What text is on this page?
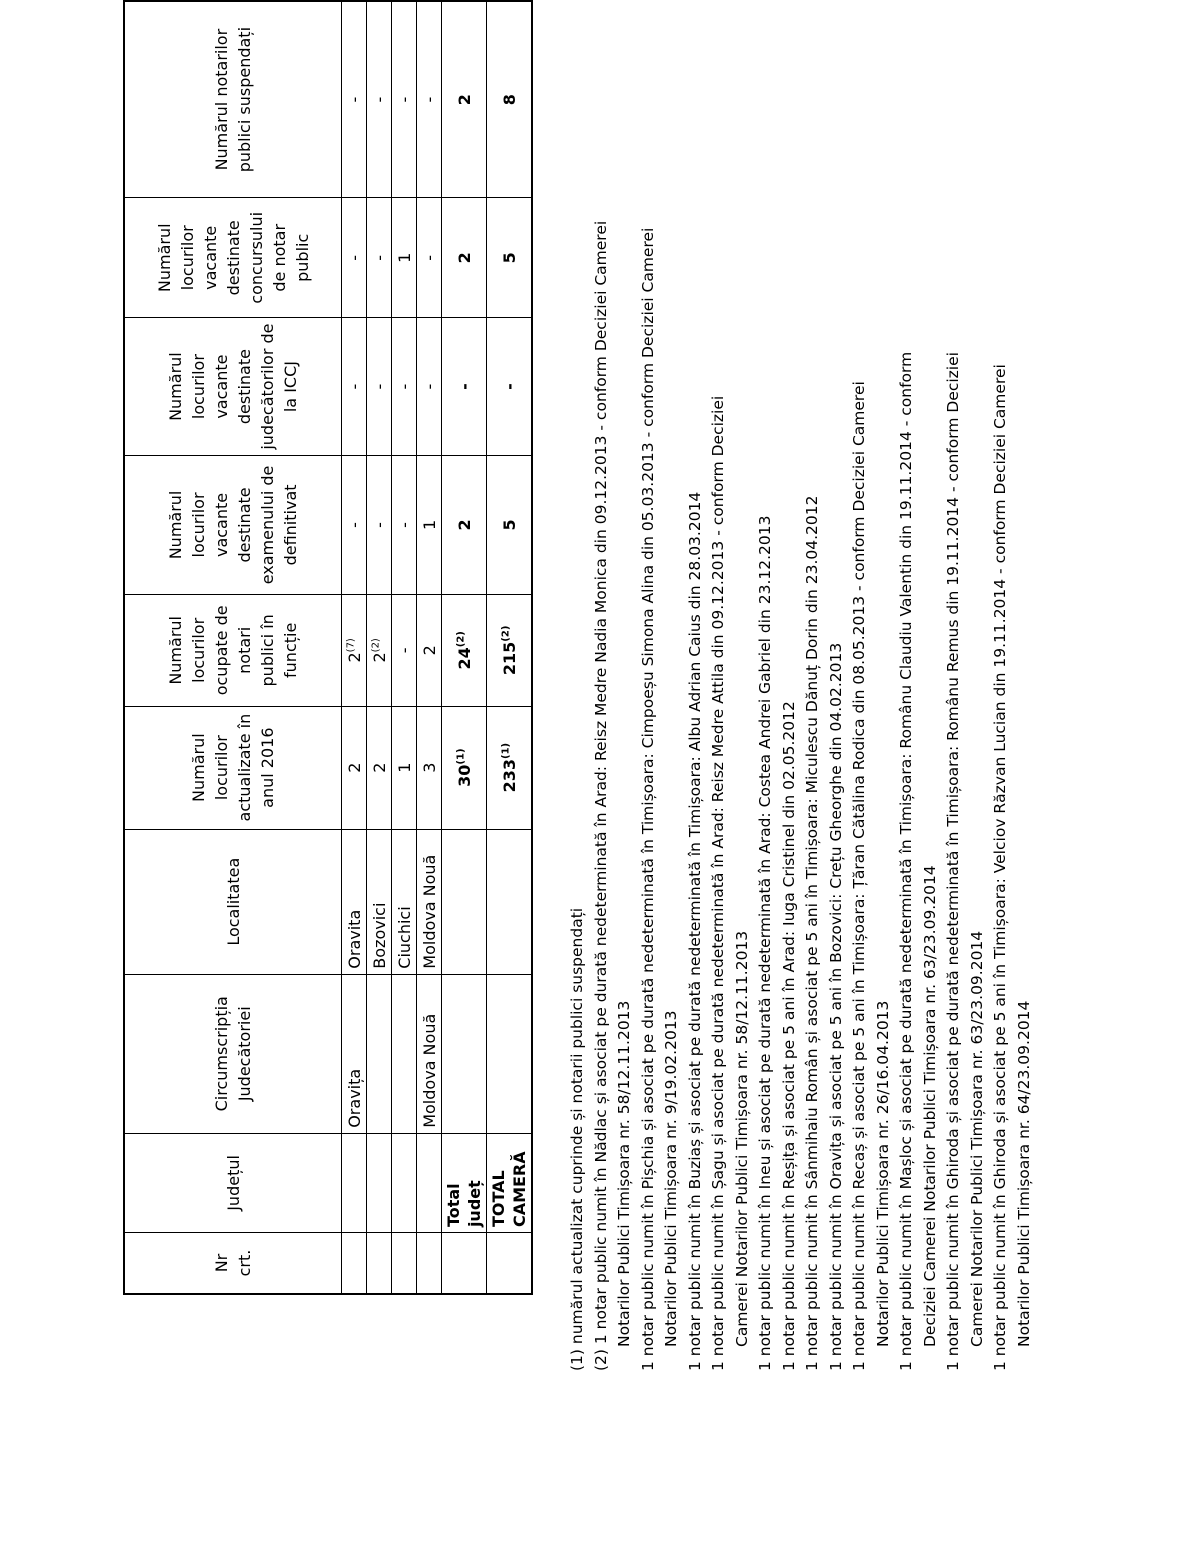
Nr crt.	Județul	Circumscripția Judecătoriei	Localitatea	Numărul locurilor actualizate în anul 2016	Numărul locurilor ocupate de notari publici în funcție	Numărul locurilor vacante destinate examenului de definitivat	Numărul locurilor vacante destinate judecătorilor de la ICCJ	Numărul locurilor vacante destinate concursului de notar public	Numărul notarilor publici suspendați
		Oravița	Oravita	2	2$^{(7)}$	-	-	-	-
			Bozovici	2	2$^{(2)}$	-	-	-	-
			Ciuchici	1	-	-	-	1	-
		Moldova Nouă	Moldova Nouă	3	2	1	-	-	-
	Total județ			30$^{(1)}$	24$^{(2)}$	2	-	2	2
	TOTAL CAMERĂ			233$^{(1)}$	215$^{(2)}$	5	-	5	8

(1) numărul actualizat cuprinde și notarii publici suspendați (2) 1 notar public numit în Nădlac și asociat pe durată nedeterminată în Arad: Reisz Medre Nadia Monica din 09.12.2013 - conform Deciziei Camerei Notarilor Publici Timișoara nr. 58/12.11.2013 1 notar public numit în Pișchia și asociat pe durată nedeterminată în Timișoara: Cimpoeșu Simona Alina din 05.03.2013 - conform Deciziei Camerei Notarilor Publici Timișoara nr. 9/19.02.2013 1 notar public numit în Buziaș și asociat pe durată nedeterminată în Timișoara: Albu Adrian Caius din 28.03.2014 1 notar public numit în Șagu și asociat pe durată nedeterminată în Arad: Reisz Medre Attila din 09.12.2013 - conform Deciziei Camerei Notarilor Publici Timișoara nr. 58/12.11.2013 1 notar public numit în Ineu și asociat pe durată nedeterminată în Arad: Costea Andrei Gabriel din 23.12.2013 1 notar public numit în Reșița și asociat pe 5 ani în Arad: Iuga Cristinel din 02.05.2012 1 notar public numit în Sânmihaiu Român și asociat pe 5 ani în Timișoara: Miculescu Dănuț Dorin din 23.04.2012 1 notar public numit în Oravița și asociat pe 5 ani în Bozovici: Crețu Gheorghe din 04.02.2013 1 notar public numit în Recaș și asociat pe 5 ani în Timișoara: Țăran Cătălina Rodica din 08.05.2013 - conform Deciziei Camerei Notarilor Publici Timișoara nr. 26/16.04.2013 1 notar public numit în Mașloc și asociat pe durată nedeterminată în Timișoara: Românu Claudiu Valentin din 19.11.2014 - conform Deciziei Camerei Notarilor Publici Timișoara nr. 63/23.09.2014 1 notar public numit în Ghiroda și asociat pe durată nedeterminată în Timișoara: Românu Remus din 19.11.2014 - conform Deciziei Camerei Notarilor Publici Timișoara nr. 63/23.09.2014 1 notar public numit în Ghiroda și asociat pe 5 ani în Timișoara: Velciov Răzvan Lucian din 19.11.2014 - conform Deciziei Camerei Notarilor Publici Timișoara nr. 64/23.09.2014
